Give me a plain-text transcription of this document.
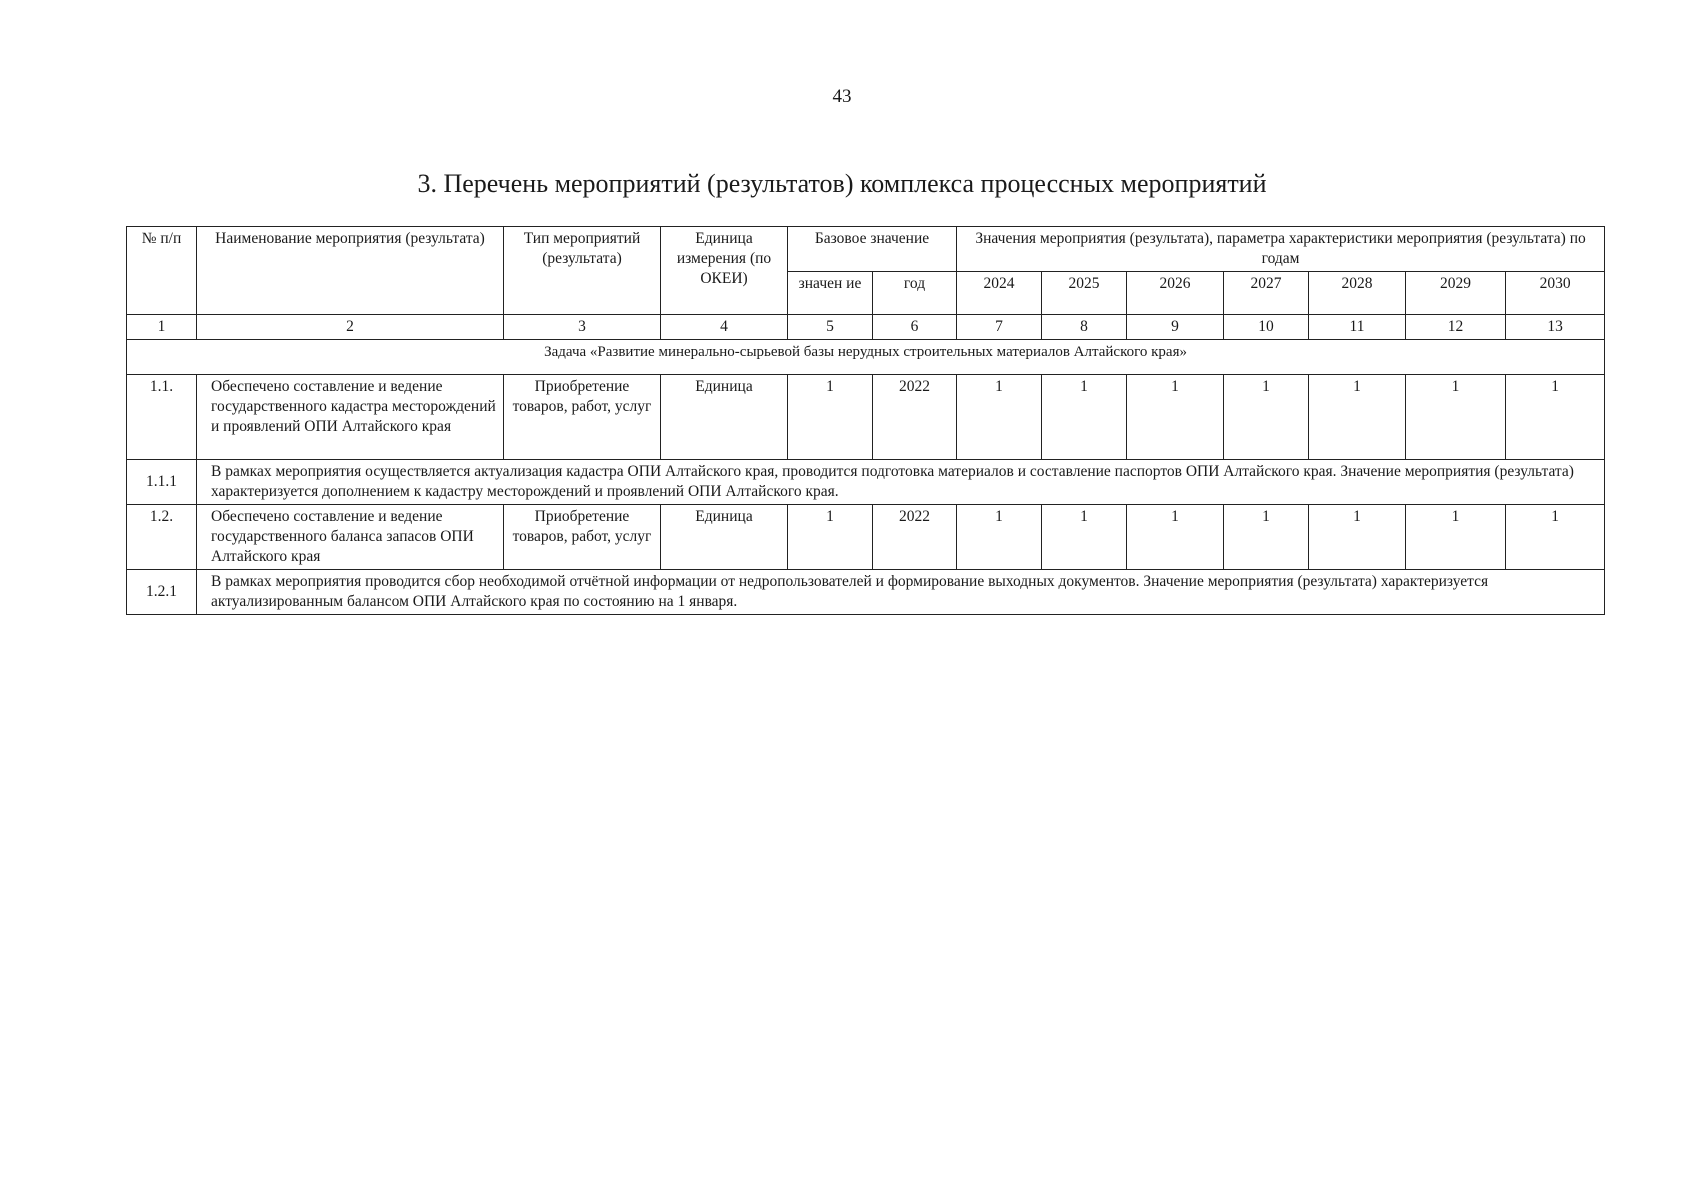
43
3. Перечень мероприятий (результатов) комплекса процессных мероприятий
№ п/п	Наименование мероприятия (результата)	Тип мероприятий (результата)	Единица измерения (по ОКЕИ)	Базовое значение		Значения мероприятия (результата), параметра характеристики мероприятия (результата) по годам						
				значен ие	год	2024	2025	2026	2027	2028	2029	2030
1	2	3	4	5	6	7	8	9	10	11	12	13
Задача «Развитие минерально-сырьевой базы нерудных строительных материалов Алтайского края»												
1.1.	Обеспечено составление и ведение государственного кадастра месторождений и проявлений ОПИ Алтайского края	Приобретение товаров, работ, услуг	Единица	1	2022	1	1	1	1	1	1	1
1.1.1	В рамках мероприятия осуществляется актуализация кадастра ОПИ Алтайского края, проводится подготовка материалов и составление паспортов ОПИ Алтайского края. Значение мероприятия (результата) характеризуется дополнением к кадастру месторождений и проявлений ОПИ Алтайского края.											
1.2.	Обеспечено составление и ведение государственного баланса запасов ОПИ Алтайского края	Приобретение товаров, работ, услуг	Единица	1	2022	1	1	1	1	1	1	1
1.2.1	В рамках мероприятия проводится сбор необходимой отчётной информации от недропользователей и формирование выходных документов. Значение мероприятия (результата) характеризуется актуализированным балансом ОПИ Алтайского края по состоянию на 1 января.											
